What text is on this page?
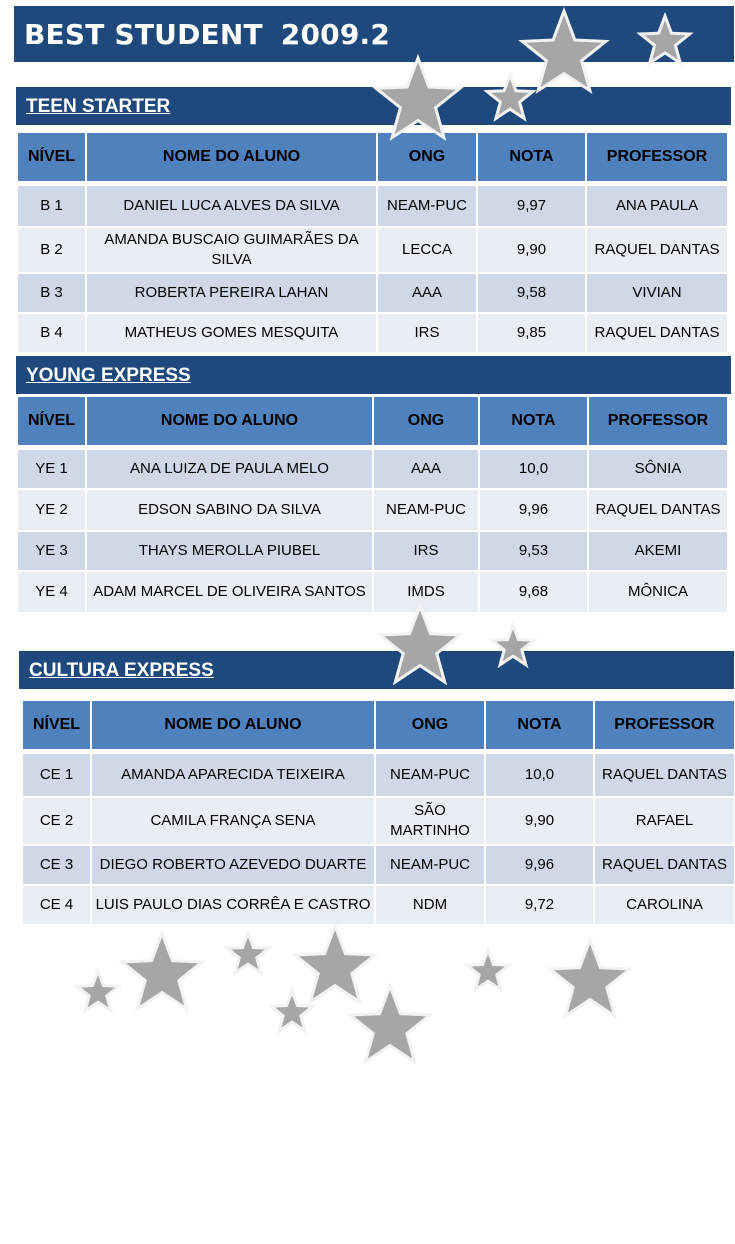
BEST STUDENT 2009.2
TEEN STARTER
NÍVEL	NOME DO ALUNO	ONG	NOTA	PROFESSOR
B 1	DANIEL LUCA ALVES DA SILVA	NEAM-PUC	9,97	ANA PAULA
B 2	AMANDA BUSCAIO GUIMARÃES DA SILVA	LECCA	9,90	RAQUEL DANTAS
B 3	ROBERTA PEREIRA LAHAN	AAA	9,58	VIVIAN
B 4	MATHEUS GOMES MESQUITA	IRS	9,85	RAQUEL DANTAS
YOUNG EXPRESS
NÍVEL	NOME DO ALUNO	ONG	NOTA	PROFESSOR
YE 1	ANA LUIZA DE PAULA MELO	AAA	10,0	SÔNIA
YE 2	EDSON SABINO DA SILVA	NEAM-PUC	9,96	RAQUEL DANTAS
YE 3	THAYS MEROLLA PIUBEL	IRS	9,53	AKEMI
YE 4	ADAM MARCEL DE OLIVEIRA SANTOS	IMDS	9,68	MÔNICA
CULTURA EXPRESS
NÍVEL	NOME DO ALUNO	ONG	NOTA	PROFESSOR
CE 1	AMANDA APARECIDA TEIXEIRA	NEAM-PUC	10,0	RAQUEL DANTAS
CE 2	CAMILA FRANÇA SENA	SÃO MARTINHO	9,90	RAFAEL
CE 3	DIEGO ROBERTO AZEVEDO DUARTE	NEAM-PUC	9,96	RAQUEL DANTAS
CE 4	LUIS PAULO DIAS CORRÊA E CASTRO	NDM	9,72	CAROLINA
